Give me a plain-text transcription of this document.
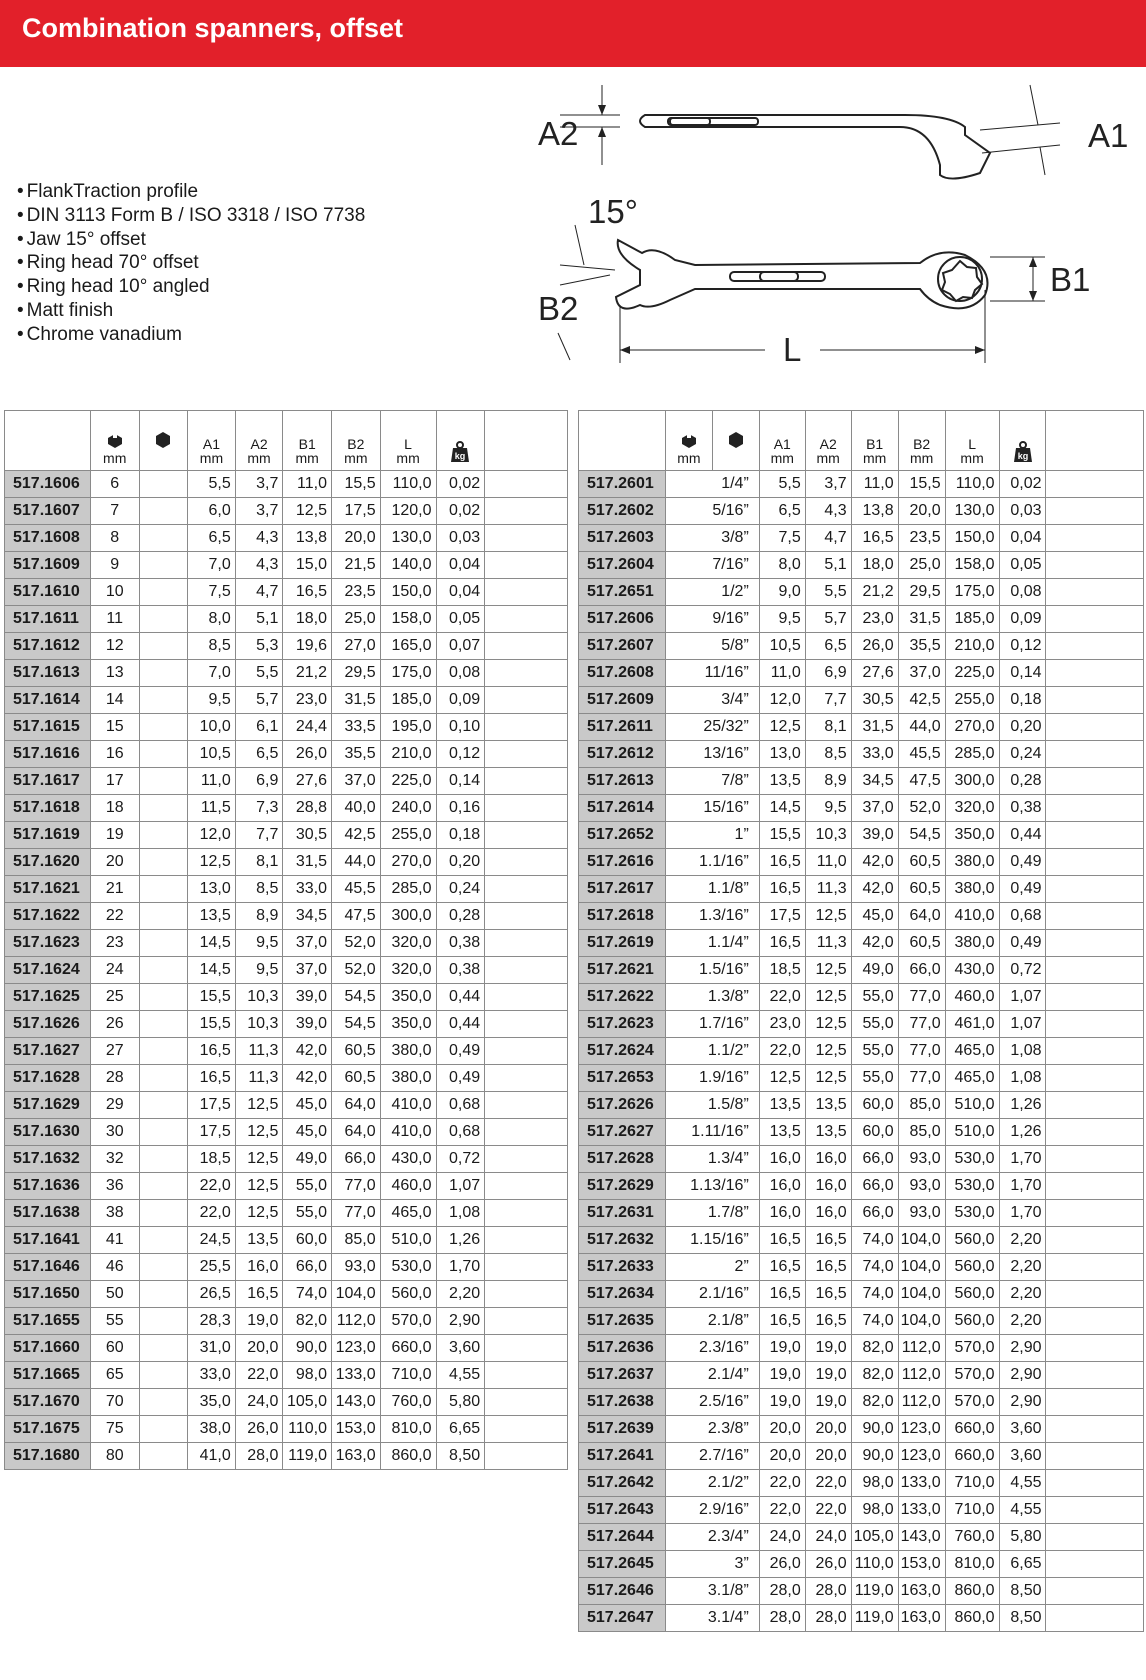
Combination spanners, offset
• FlankTraction profile
• DIN 3113 Form B / ISO 3318 / ISO 7738
• Jaw 15° offset
• Ring head 70° offset
• Ring head 10° angled
• Matt finish
• Chrome vanadium
A2	A1
15°
B1
B2
L

mm		A1
mm	A2
mm	B1
mm	B2
mm	L
mm	kg	

517.1606	6		5,5	3,7	11,0	15,5	110,0	0,02	
517.1607	7		6,0	3,7	12,5	17,5	120,0	0,02	
517.1608	8		6,5	4,3	13,8	20,0	130,0	0,03	
517.1609	9		7,0	4,3	15,0	21,5	140,0	0,04	
517.1610	10		7,5	4,7	16,5	23,5	150,0	0,04	
517.1611	11		8,0	5,1	18,0	25,0	158,0	0,05	
517.1612	12		8,5	5,3	19,6	27,0	165,0	0,07	
517.1613	13		7,0	5,5	21,2	29,5	175,0	0,08	
517.1614	14		9,5	5,7	23,0	31,5	185,0	0,09	
517.1615	15		10,0	6,1	24,4	33,5	195,0	0,10	
517.1616	16		10,5	6,5	26,0	35,5	210,0	0,12	
517.1617	17		11,0	6,9	27,6	37,0	225,0	0,14	
517.1618	18		11,5	7,3	28,8	40,0	240,0	0,16	
517.1619	19		12,0	7,7	30,5	42,5	255,0	0,18	
517.1620	20		12,5	8,1	31,5	44,0	270,0	0,20	
517.1621	21		13,0	8,5	33,0	45,5	285,0	0,24	
517.1622	22		13,5	8,9	34,5	47,5	300,0	0,28	
517.1623	23		14,5	9,5	37,0	52,0	320,0	0,38	
517.1624	24		14,5	9,5	37,0	52,0	320,0	0,38	
517.1625	25		15,5	10,3	39,0	54,5	350,0	0,44	
517.1626	26		15,5	10,3	39,0	54,5	350,0	0,44	
517.1627	27		16,5	11,3	42,0	60,5	380,0	0,49	
517.1628	28		16,5	11,3	42,0	60,5	380,0	0,49	
517.1629	29		17,5	12,5	45,0	64,0	410,0	0,68	
517.1630	30		17,5	12,5	45,0	64,0	410,0	0,68	
517.1632	32		18,5	12,5	49,0	66,0	430,0	0,72	
517.1636	36		22,0	12,5	55,0	77,0	460,0	1,07	
517.1638	38		22,0	12,5	55,0	77,0	465,0	1,08	
517.1641	41		24,5	13,5	60,0	85,0	510,0	1,26	
517.1646	46		25,5	16,0	66,0	93,0	530,0	1,70	
517.1650	50		26,5	16,5	74,0	104,0	560,0	2,20	
517.1655	55		28,3	19,0	82,0	112,0	570,0	2,90	
517.1660	60		31,0	20,0	90,0	123,0	660,0	3,60	
517.1665	65		33,0	22,0	98,0	133,0	710,0	4,55	
517.1670	70		35,0	24,0	105,0	143,0	760,0	5,80	
517.1675	75		38,0	26,0	110,0	153,0	810,0	6,65	
517.1680	80		41,0	28,0	119,0	163,0	860,0	8,50	

mm		A1
mm	A2
mm	B1
mm	B2
mm	L
mm	kg	

517.2601	1/4”		5,5	3,7	11,0	15,5	110,0	0,02	
517.2602	5/16”		6,5	4,3	13,8	20,0	130,0	0,03	
517.2603	3/8”		7,5	4,7	16,5	23,5	150,0	0,04	
517.2604	7/16”		8,0	5,1	18,0	25,0	158,0	0,05	
517.2651	1/2”		9,0	5,5	21,2	29,5	175,0	0,08	
517.2606	9/16”		9,5	5,7	23,0	31,5	185,0	0,09	
517.2607	5/8”		10,5	6,5	26,0	35,5	210,0	0,12	
517.2608	11/16”		11,0	6,9	27,6	37,0	225,0	0,14	
517.2609	3/4”		12,0	7,7	30,5	42,5	255,0	0,18	
517.2611	25/32”		12,5	8,1	31,5	44,0	270,0	0,20	
517.2612	13/16”		13,0	8,5	33,0	45,5	285,0	0,24	
517.2613	7/8”		13,5	8,9	34,5	47,5	300,0	0,28	
517.2614	15/16”		14,5	9,5	37,0	52,0	320,0	0,38	
517.2652	1”		15,5	10,3	39,0	54,5	350,0	0,44	
517.2616	1.1/16”		16,5	11,0	42,0	60,5	380,0	0,49	
517.2617	1.1/8”		16,5	11,3	42,0	60,5	380,0	0,49	
517.2618	1.3/16”		17,5	12,5	45,0	64,0	410,0	0,68	
517.2619	1.1/4”		16,5	11,3	42,0	60,5	380,0	0,49	
517.2621	1.5/16”		18,5	12,5	49,0	66,0	430,0	0,72	
517.2622	1.3/8”		22,0	12,5	55,0	77,0	460,0	1,07	
517.2623	1.7/16”		23,0	12,5	55,0	77,0	461,0	1,07	
517.2624	1.1/2”		22,0	12,5	55,0	77,0	465,0	1,08	
517.2653	1.9/16”		12,5	12,5	55,0	77,0	465,0	1,08	
517.2626	1.5/8”		13,5	13,5	60,0	85,0	510,0	1,26	
517.2627	1.11/16”		13,5	13,5	60,0	85,0	510,0	1,26	
517.2628	1.3/4”		16,0	16,0	66,0	93,0	530,0	1,70	
517.2629	1.13/16”		16,0	16,0	66,0	93,0	530,0	1,70	
517.2631	1.7/8”		16,0	16,0	66,0	93,0	530,0	1,70	
517.2632	1.15/16”		16,5	16,5	74,0	104,0	560,0	2,20	
517.2633	2”		16,5	16,5	74,0	104,0	560,0	2,20	
517.2634	2.1/16”		16,5	16,5	74,0	104,0	560,0	2,20	
517.2635	2.1/8”		16,5	16,5	74,0	104,0	560,0	2,20	
517.2636	2.3/16”		19,0	19,0	82,0	112,0	570,0	2,90	
517.2637	2.1/4”		19,0	19,0	82,0	112,0	570,0	2,90	
517.2638	2.5/16”		19,0	19,0	82,0	112,0	570,0	2,90	
517.2639	2.3/8”		20,0	20,0	90,0	123,0	660,0	3,60	
517.2641	2.7/16”		20,0	20,0	90,0	123,0	660,0	3,60	
517.2642	2.1/2”		22,0	22,0	98,0	133,0	710,0	4,55	
517.2643	2.9/16”		22,0	22,0	98,0	133,0	710,0	4,55	
517.2644	2.3/4”		24,0	24,0	105,0	143,0	760,0	5,80	
517.2645	3”		26,0	26,0	110,0	153,0	810,0	6,65	
517.2646	3.1/8”		28,0	28,0	119,0	163,0	860,0	8,50	
517.2647	3.1/4”		28,0	28,0	119,0	163,0	860,0	8,50	
